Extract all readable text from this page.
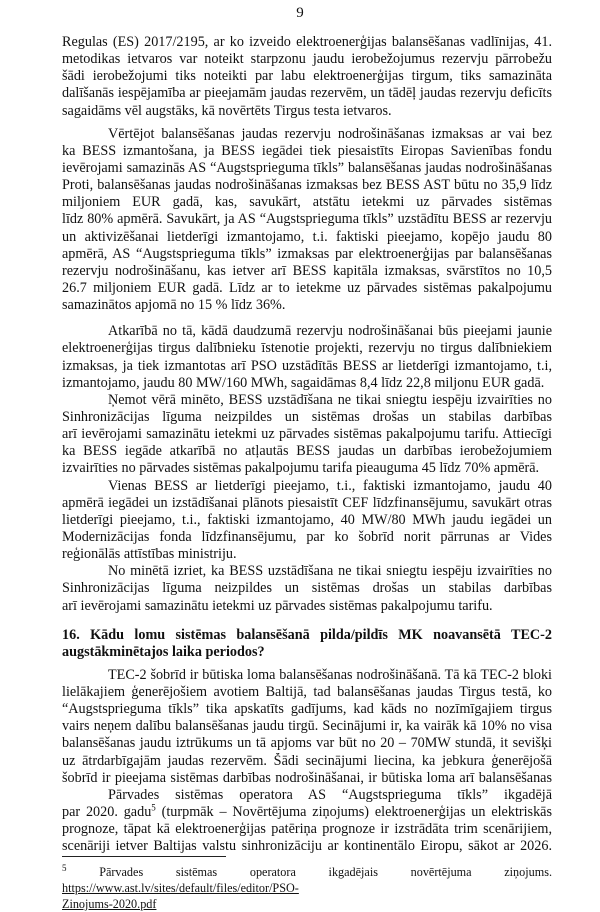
9
Regulas (ES) 2017/2195, ar ko izveido elektroenerģijas balansēšanas vadlīnijas, 41.
metodikas ietvaros var noteikt starpzonu jaudu ierobežojumus rezervju pārrobežu
šādi ierobežojumi tiks noteikti par labu elektroenerģijas tirgum, tiks samazināta
dalīšanās iespējamība ar pieejamām jaudas rezervēm, un tādēļ jaudas rezervju deficīts
sagaidāms vēl augstāks, kā novērtēts Tirgus testa ietvaros.
Vērtējot balansēšanas jaudas rezervju nodrošināšanas izmaksas ar vai bez
ka BESS izmantošana, ja BESS iegādei tiek piesaistīts Eiropas Savienības fondu
ievērojami samazinās AS “Augstsprieguma tīkls” balansēšanas jaudas nodrošināšanas
Proti, balansēšanas jaudas nodrošināšanas izmaksas bez BESS AST būtu no 35,9 līdz
miljoniem EUR gadā, kas, savukārt, atstātu ietekmi uz pārvades sistēmas
līdz 80% apmērā. Savukārt, ja AS “Augstsprieguma tīkls” uzstādītu BESS ar rezervju
un aktivizēšanai lietderīgi izmantojamo, t.i. faktiski pieejamo, kopējo jaudu 80
apmērā, AS “Augstsprieguma tīkls” izmaksas par elektroenerģijas par balansēšanas
rezervju nodrošināšanu, kas ietver arī BESS kapitāla izmaksas, svārstītos no 10,5
26.7 miljoniem EUR gadā. Līdz ar to ietekme uz pārvades sistēmas pakalpojumu
samazinātos apjomā no 15 % līdz 36%.
Atkarībā no tā, kādā daudzumā rezervju nodrošināšanai būs pieejami jaunie
elektroenerģijas tirgus dalībnieku īstenotie projekti, rezervju no tirgus dalībniekiem
izmaksas, ja tiek izmantotas arī PSO uzstādītās BESS ar lietderīgi izmantojamo, t.i,
izmantojamo, jaudu 80 MW/160 MWh, sagaidāmas 8,4 līdz 22,8 miljonu EUR gadā.
Ņemot vērā minēto, BESS uzstādīšana ne tikai sniegtu iespēju izvairīties no
Sinhronizācijas līguma neizpildes un sistēmas drošas un stabilas darbības
arī ievērojami samazinātu ietekmi uz pārvades sistēmas pakalpojumu tarifu. Attiecīgi
ka BESS iegāde atkarībā no atļautās BESS jaudas un darbības ierobežojumiem
izvairīties no pārvades sistēmas pakalpojumu tarifa pieauguma 45 līdz 70% apmērā.
Vienas BESS ar lietderīgi pieejamo, t.i., faktiski izmantojamo, jaudu 40
apmērā iegādei un izstādīšanai plānots piesaistīt CEF līdzfinansējumu, savukārt otras
lietderīgi pieejamo, t.i., faktiski izmantojamo, 40 MW/80 MWh jaudu iegādei un
Modernizācijas fonda līdzfinansējumu, par ko šobrīd norit pārrunas ar Vides
reģionālās attīstības ministriju.
No minētā izriet, ka BESS uzstādīšana ne tikai sniegtu iespēju izvairīties no
Sinhronizācijas līguma neizpildes un sistēmas drošas un stabilas darbības
arī ievērojami samazinātu ietekmi uz pārvades sistēmas pakalpojumu tarifu.
16. Kādu lomu sistēmas balansēšanā pilda/pildīs MK noavansētā TEC-2
augstākminētajos laika periodos?
TEC-2 šobrīd ir būtiska loma balansēšanas nodrošināšanā. Tā kā TEC-2 bloki
lielākajiem ģenerējošiem avotiem Baltijā, tad balansēšanas jaudas Tirgus testā, ko
“Augstsprieguma tīkls” tika apskatīts gadījums, kad kāds no nozīmīgajiem tirgus
vairs neņem dalību balansēšanas jaudu tirgū. Secinājumi ir, ka vairāk kā 10% no visa
balansēšanas jaudu iztrūkums un tā apjoms var būt no 20 – 70MW stundā, it sevišķi
uz ātrdarbīgajām jaudas rezervēm. Šādi secinājumi liecina, ka jebkura ģenerējošā
šobrīd ir pieejama sistēmas darbības nodrošināšanai, ir būtiska loma arī balansēšanas
Pārvades sistēmas operatora AS “Augstsprieguma tīkls” ikgadējā
par 2020. gadu$^5$ (turpmāk – Novērtējuma ziņojums) elektroenerģijas un elektriskās
prognoze, tāpat kā elektroenerģijas patēriņa prognoze ir izstrādāta trim scenārijiem,
scenāriji ietver Baltijas valstu sinhronizāciju ar kontinentālo Eiropu, sākot ar 2026.
$^5$ Pārvades sistēmas operatora ikgadējais novērtējuma ziņojums. https://www.ast.lv/sites/default/files/editor/PSO-
Zinojums-2020.pdf
